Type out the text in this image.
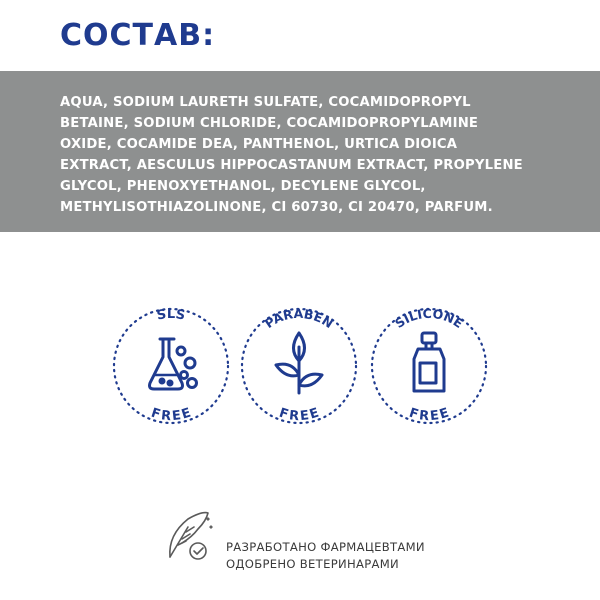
СОСТАВ:
AQUA, SODIUM LAURETH SULFATE, COCAMIDOPROPYL
BETAINE, SODIUM CHLORIDE, COCAMIDOPROPYLAMINE
OXIDE, COCAMIDE DEA, PANTHENOL, URTICA DIOICA
EXTRACT, AESCULUS HIPPOCASTANUM EXTRACT, PROPYLENE
GLYCOL, PHENOXYETHANOL, DECYLENE GLYCOL,
METHYLISOTHIAZOLINONE, CI 60730, CI 20470, PARFUM.
SLS
FREE
PARABEN
FREE
SILICONE
FREE
РАЗРАБОТАНО ФАРМАЦЕВТАМИ
ОДОБРЕНО ВЕТЕРИНАРАМИ
